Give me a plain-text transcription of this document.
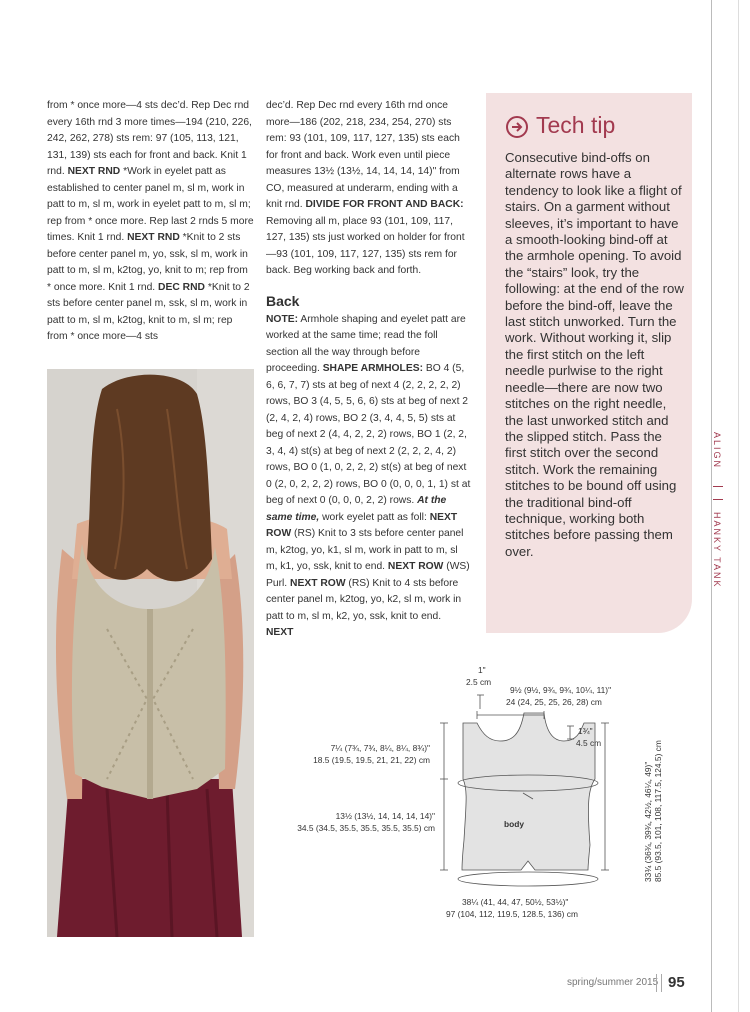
from * once more—4 sts dec’d. Rep Dec rnd every 16th rnd 3 more times—194 (210, 226, 242, 262, 278) sts rem: 97 (105, 113, 121, 131, 139) sts each for front and back. Knit 1 rnd. NEXT RND *Work in eyelet patt as established to center panel m, sl m, work in patt to m, sl m, work in eyelet patt to m, sl m; rep from * once more. Rep last 2 rnds 5 more times. Knit 1 rnd. NEXT RND *Knit to 2 sts before center panel m, yo, ssk, sl m, work in patt to m, sl m, k2tog, yo, knit to m; rep from * once more. Knit 1 rnd. DEC RND *Knit to 2 sts before center panel m, ssk, sl m, work in patt to m, sl m, k2tog, knit to m, sl m; rep from * once more—4 sts

dec’d. Rep Dec rnd every 16th rnd once more—186 (202, 218, 234, 254, 270) sts rem: 93 (101, 109, 117, 127, 135) sts each for front and back. Work even until piece measures 13½ (13½, 14, 14, 14, 14)" from CO, measured at underarm, ending with a knit rnd. DIVIDE FOR FRONT AND BACK: Removing all m, place 93 (101, 109, 117, 127, 135) sts just worked on holder for front—93 (101, 109, 117, 127, 135) sts rem for back. Beg working back and forth.

Back

NOTE: Armhole shaping and eyelet patt are worked at the same time; read the foll section all the way through before proceeding. SHAPE ARMHOLES: BO 4 (5, 6, 6, 7, 7) sts at beg of next 4 (2, 2, 2, 2, 2) rows, BO 3 (4, 5, 5, 6, 6) sts at beg of next 2 (2, 4, 2, 4) rows, BO 2 (3, 4, 4, 5, 5) sts at beg of next 2 (4, 4, 2, 2, 2) rows, BO 1 (2, 2, 3, 4, 4) st(s) at beg of next 2 (2, 2, 2, 4, 2) rows, BO 0 (1, 0, 2, 2, 2) st(s) at beg of next 0 (2, 0, 2, 2, 2) rows, BO 0 (0, 0, 0, 1, 1) st at beg of next 0 (0, 0, 0, 2, 2) rows. At the same time, work eyelet patt as foll: NEXT ROW (RS) Knit to 3 sts before center panel m, k2tog, yo, k1, sl m, work in patt to m, sl m, k1, yo, ssk, knit to end. NEXT ROW (WS) Purl. NEXT ROW (RS) Knit to 4 sts before center panel m, k2tog, yo, k2, sl m, work in patt to m, sl m, k2, yo, ssk, knit to end. NEXT

Tech tip
Consecutive bind-offs on alternate rows have a tendency to look like a flight of stairs. On a garment without sleeves, it’s important to have a smooth-looking bind-off at the armhole opening. To avoid the “stairs” look, try the following: at the end of the row before the bind-off, leave the last stitch unworked. Turn the work. Without working it, slip the first stitch on the left needle purlwise to the right needle—there are now two stitches on the right needle, the last unworked stitch and the slipped stitch. Pass the first stitch over the second stitch. Work the remaining stitches to be bound off using the traditional bind-off technique, working both stitches before passing them over.
ALIGN
HANKY TANK
1"
2.5 cm
9½ (9½, 9¾, 9¾, 10¼, 11)"
24 (24, 25, 25, 26, 28) cm
1¾"
4.5 cm
7¼ (7¾, 7¾, 8¼, 8¼, 8¾)"
18.5 (19.5, 19.5, 21, 21, 22) cm
13½ (13½, 14, 14, 14, 14)"
34.5 (34.5, 35.5, 35.5, 35.5, 35.5) cm	body
38¼ (41, 44, 47, 50½, 53½)"
97 (104, 112, 119.5, 128.5, 136) cm
33¾ (36¾, 39¾, 42½, 46¼, 49)" 85.5 (93.5, 101, 108, 117.5, 124.5) cm
spring/summer 2015 95
